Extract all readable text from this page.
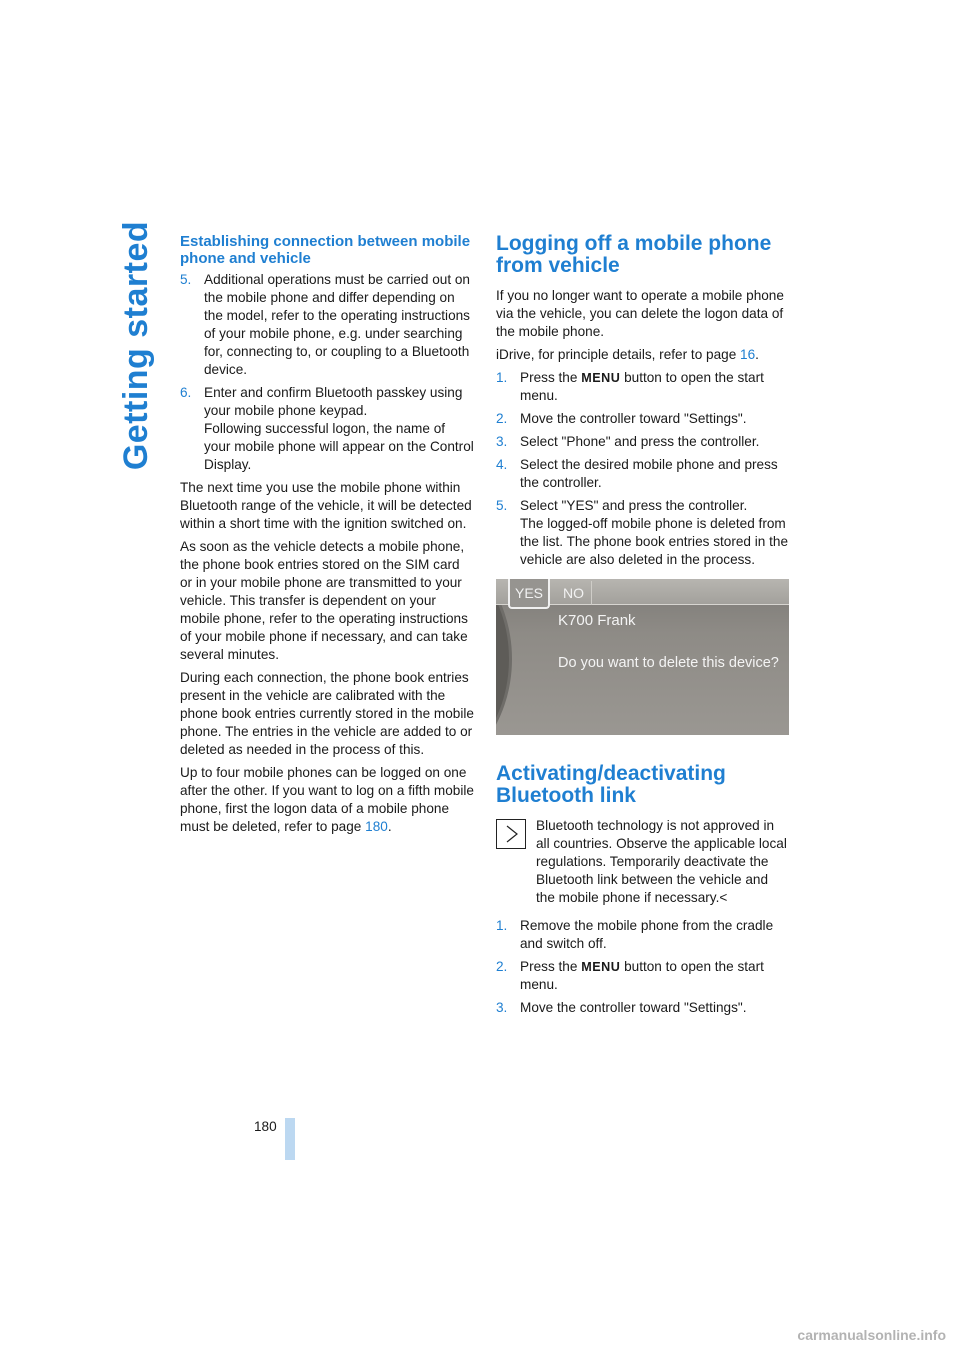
Getting started Establishing connection between mobile phone and vehicle
5. Additional operations must be carried out on the mobile phone and differ depending on the model, refer to the operating instructions of your mobile phone, e.g. under searching for, connecting to, or coupling to a Bluetooth device.
6. Enter and confirm Bluetooth passkey using your mobile phone keypad.
Following successful logon, the name of your mobile phone will appear on the Control Display.

The next time you use the mobile phone within Bluetooth range of the vehicle, it will be detected within a short time with the ignition switched on.

As soon as the vehicle detects a mobile phone, the phone book entries stored on the SIM card or in your mobile phone are transmitted to your vehicle. This transfer is dependent on your mobile phone, refer to the operating instructions of your mobile phone if necessary, and can take several minutes.

During each connection, the phone book entries present in the vehicle are calibrated with the phone book entries currently stored in the mobile phone. The entries in the vehicle are added to or deleted as needed in the process of this.

Up to four mobile phones can be logged on one after the other. If you want to log on a fifth mobile phone, first the logon data of a mobile phone must be deleted, refer to page 180.

Logging off a mobile phone from vehicle

If you no longer want to operate a mobile phone via the vehicle, you can delete the logon data of the mobile phone.

iDrive, for principle details, refer to page 16.

1. Press the MENU button to open the start menu.
2. Move the controller toward "Settings".
3. Select "Phone" and press the controller.
4. Select the desired mobile phone and press the controller.
5. Select "YES" and press the controller.
The logged-off mobile phone is deleted from the list. The phone book entries stored in the vehicle are also deleted in the process.
YES	NO
K700 Frank
Do you want to delete this device?
Activating/deactivating Bluetooth link

Bluetooth technology is not approved in all countries. Observe the applicable local regulations. Temporarily deactivate the Bluetooth link between the vehicle and the mobile phone if necessary.<

1. Remove the mobile phone from the cradle and switch off.
2. Press the MENU button to open the start menu.
3. Move the controller toward "Settings".
180
carmanualsonline.info
